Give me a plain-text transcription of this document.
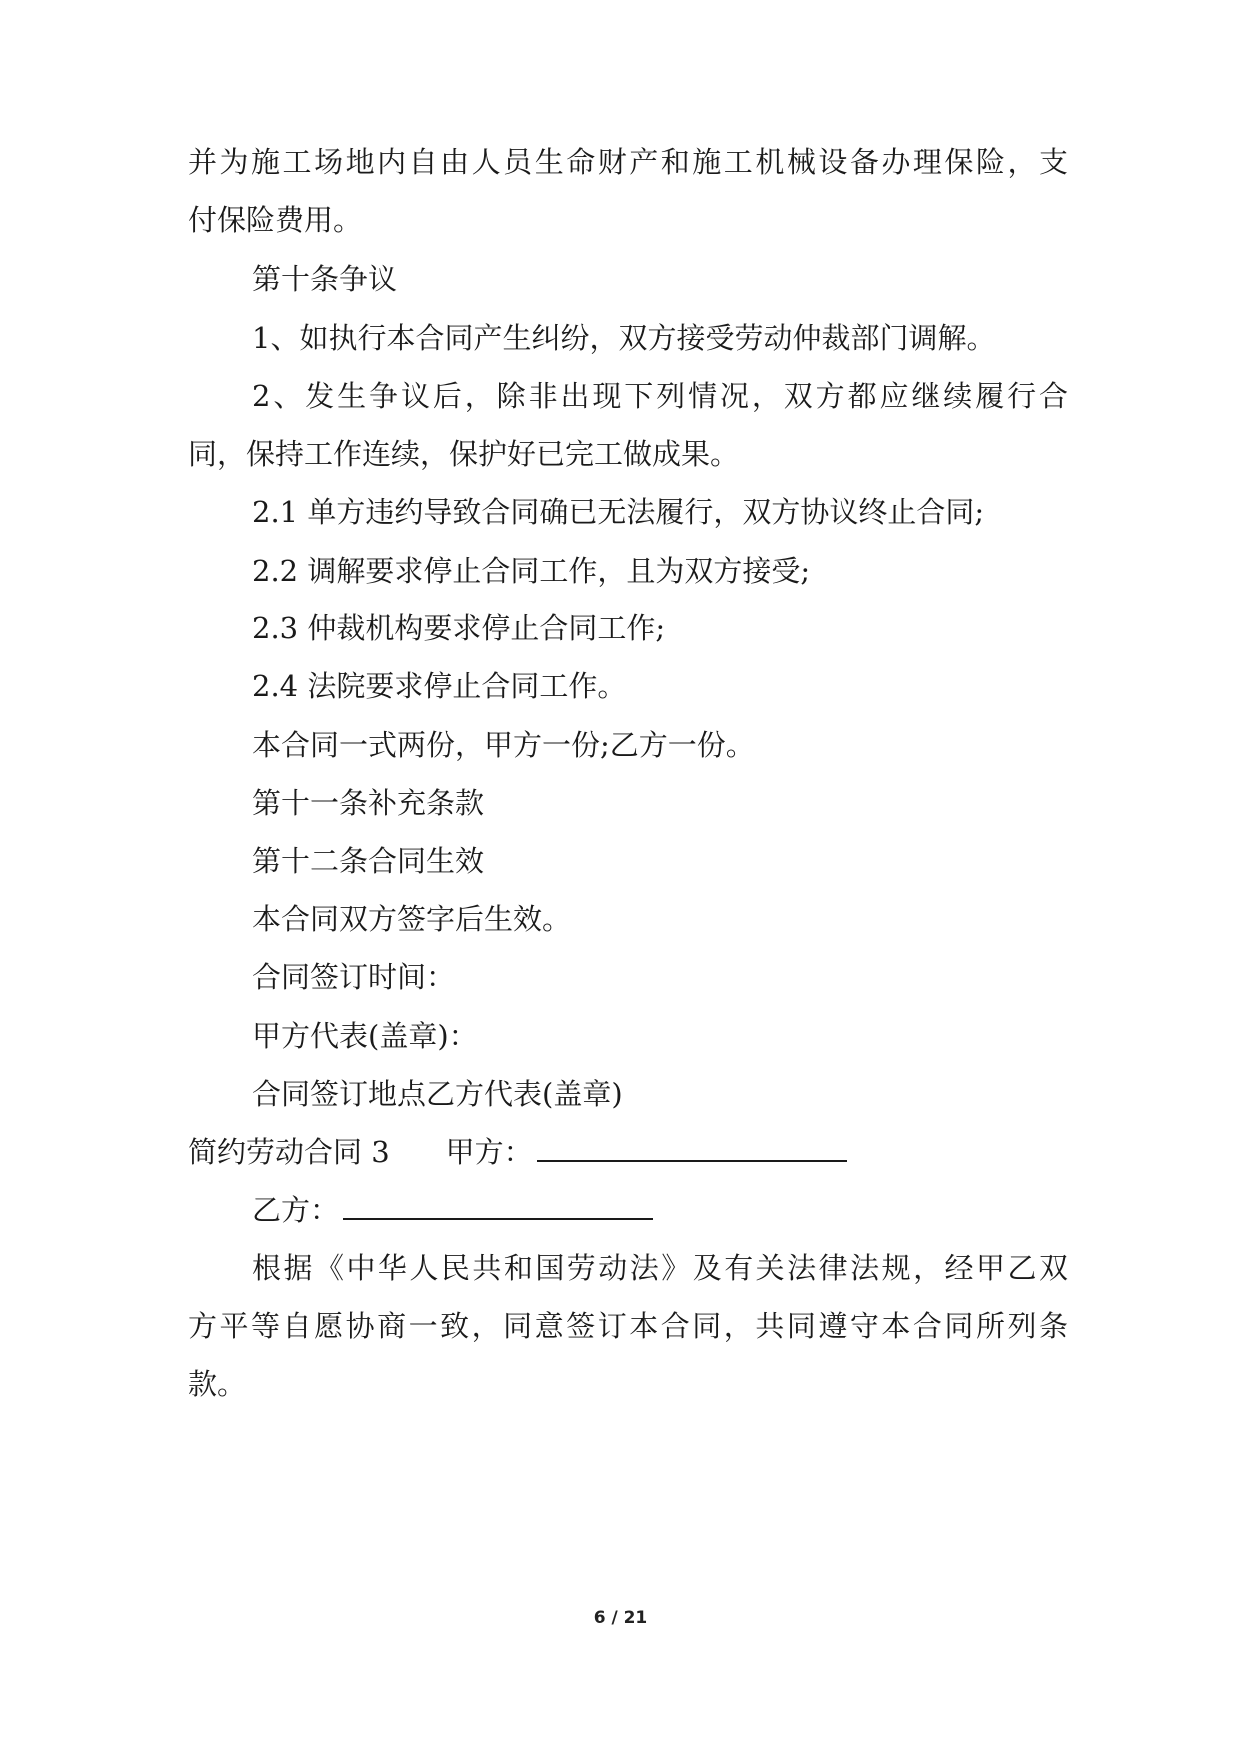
并为施工场地内自由人员生命财产和施工机械设备办理保险，支
付保险费用。
第十条争议
1、如执行本合同产生纠纷，双方接受劳动仲裁部门调解。
2、发生争议后，除非出现下列情况，双方都应继续履行合
同，保持工作连续，保护好已完工做成果。
2.1 单方违约导致合同确已无法履行，双方协议终止合同;
2.2 调解要求停止合同工作，且为双方接受;
2.3 仲裁机构要求停止合同工作;
2.4 法院要求停止合同工作。
本合同一式两份，甲方一份;乙方一份。
第十一条补充条款
第十二条合同生效
本合同双方签字后生效。
合同签订时间：
甲方代表(盖章)：
合同签订地点乙方代表(盖章)
简约劳动合同 3 甲方：
乙方：
根据《中华人民共和国劳动法》及有关法律法规，经甲乙双
方平等自愿协商一致，同意签订本合同，共同遵守本合同所列条
款。
6 / 21
